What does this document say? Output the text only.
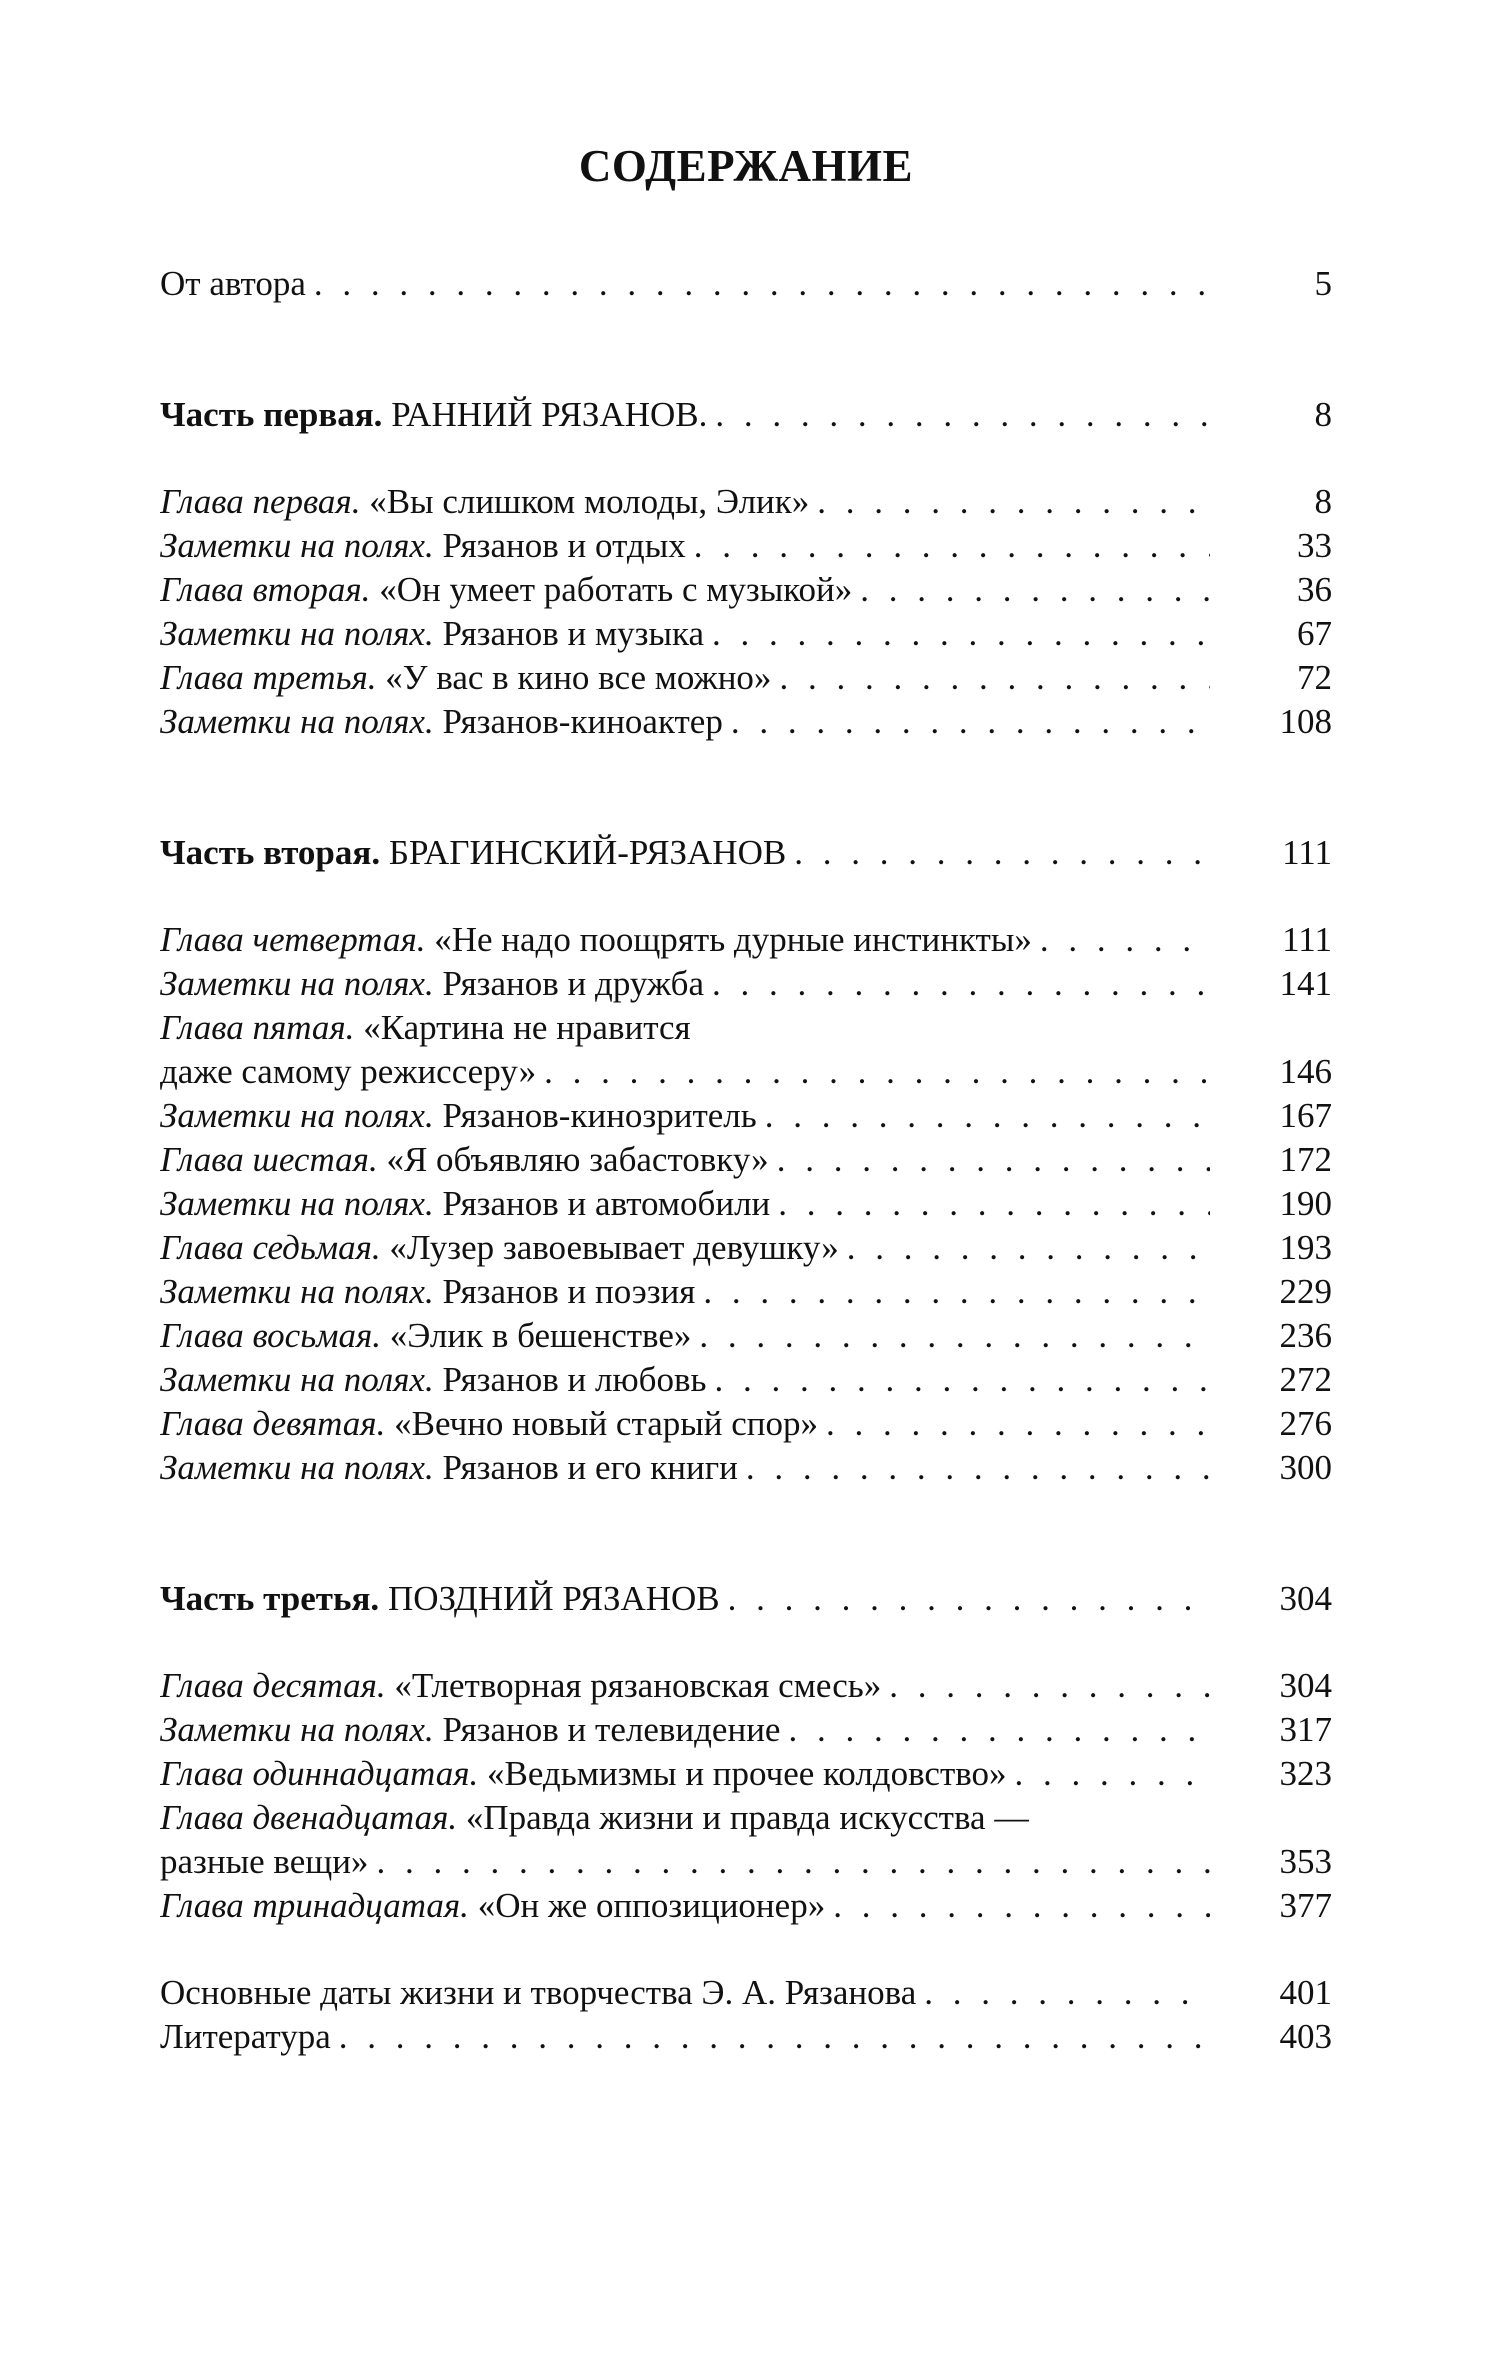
СОДЕРЖАНИЕ
От автора . . .	5
Часть первая. РАННИЙ РЯЗАНОВ. . . .	8
Глава первая. «Вы слишком молоды, Элик» . . .	8
Заметки на полях. Рязанов и отдых . . .	33
Глава вторая. «Он умеет работать с музыкой» . . .	36
Заметки на полях. Рязанов и музыка . . .	67
Глава третья. «У вас в кино все можно» . . .	72
Заметки на полях. Рязанов-киноактер . . .	108
Часть вторая. БРАГИНСКИЙ-РЯЗАНОВ . . .	111
Глава четвертая. «Не надо поощрять дурные инстинкты» . . .	111
Заметки на полях. Рязанов и дружба . . .	141
Глава пятая. «Картина не нравится
даже самому режиссеру» . . .	146
Заметки на полях. Рязанов-кинозритель . . .	167
Глава шестая. «Я объявляю забастовку» . . .	172
Заметки на полях. Рязанов и автомобили . . .	190
Глава седьмая. «Лузер завоевывает девушку» . . .	193
Заметки на полях. Рязанов и поэзия . . .	229
Глава восьмая. «Элик в бешенстве» . . .	236
Заметки на полях. Рязанов и любовь . . .	272
Глава девятая. «Вечно новый старый спор» . . .	276
Заметки на полях. Рязанов и его книги . . .	300
Часть третья. ПОЗДНИЙ РЯЗАНОВ . . .	304
Глава десятая. «Тлетворная рязановская смесь» . . .	304
Заметки на полях. Рязанов и телевидение . . .	317
Глава одиннадцатая. «Ведьмизмы и прочее колдовство» . . .	323
Глава двенадцатая. «Правда жизни и правда искусства —
разные вещи» . . .	353
Глава тринадцатая. «Он же оппозиционер» . . .	377
Основные даты жизни и творчества Э. А. Рязанова . . .	401
Литература . . .	403
